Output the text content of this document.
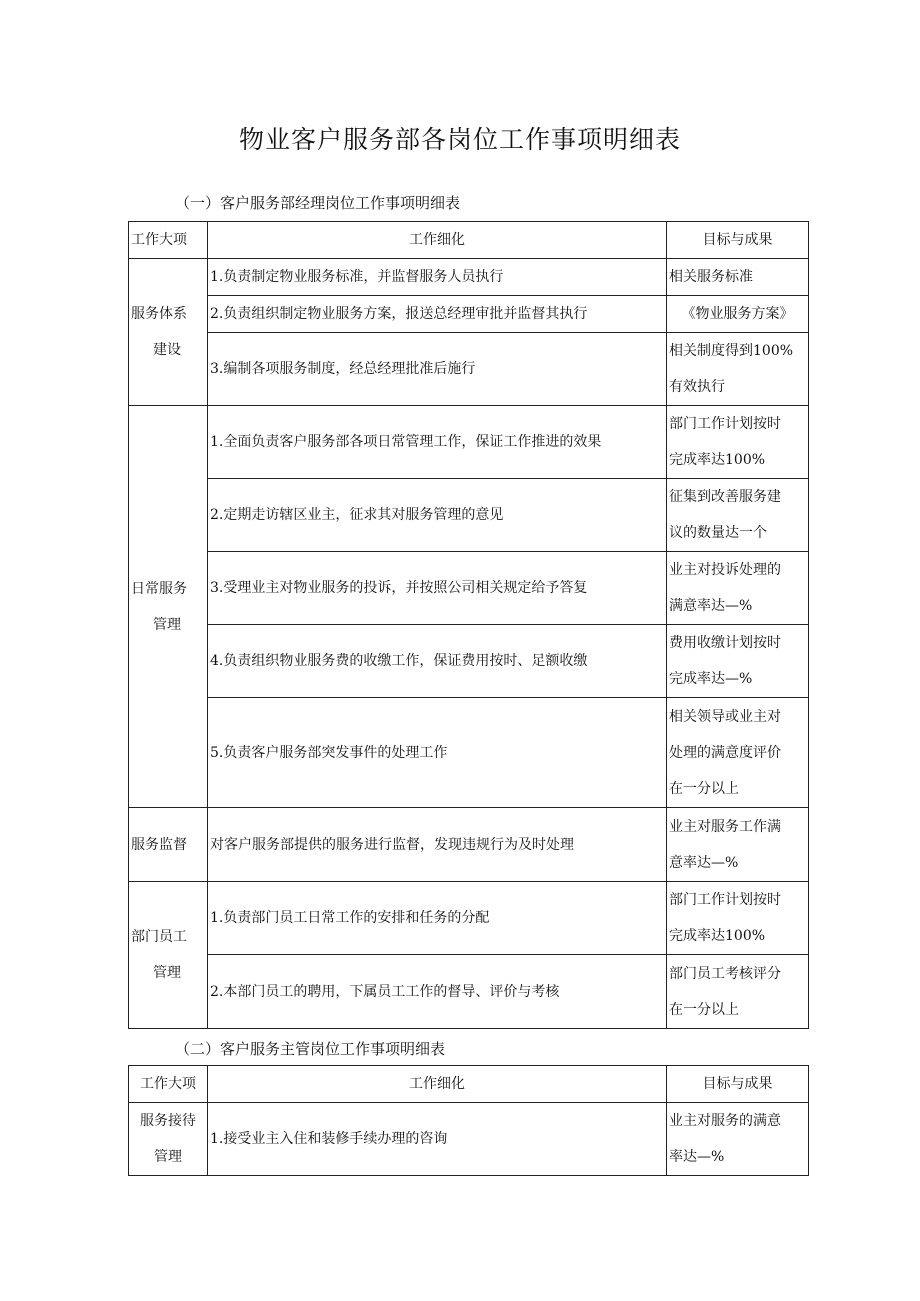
物业客户服务部各岗位工作事项明细表
（一）客户服务部经理岗位工作事项明细表
工作大项	工作细化	目标与成果

服务体系
建设	1.负责制定物业服务标准，并监督服务人员执行	相关服务标准
	2.负责组织制定物业服务方案，报送总经理审批并监督其执行	《物业服务方案》
	3.编制各项服务制度，经总经理批准后施行	相关制度得到100%
有效执行

日常服务
管理	1.全面负责客户服务部各项日常管理工作，保证工作推进的效果	部门工作计划按时
完成率达100%

	2.定期走访辖区业主，征求其对服务管理的意见	征集到改善服务建
议的数量达一个

	3.受理业主对物业服务的投诉，并按照公司相关规定给予答复	业主对投诉处理的
满意率达—%

	4.负责组织物业服务费的收缴工作，保证费用按时、足额收缴	费用收缴计划按时
完成率达—%

	5.负责客户服务部突发事件的处理工作	相关领导或业主对
处理的满意度评价
在一分以上

服务监督	对客户服务部提供的服务进行监督，发现违规行为及时处理	业主对服务工作满
意率达—%

部门员工
管理	1.负责部门员工日常工作的安排和任务的分配	部门工作计划按时
完成率达100%

	2.本部门员工的聘用，下属员工工作的督导、评价与考核	部门员工考核评分
在一分以上
（二）客户服务主管岗位工作事项明细表
工作大项	工作细化	目标与成果

服务接待
管理	1.接受业主入住和装修手续办理的咨询	业主对服务的满意
率达—%
